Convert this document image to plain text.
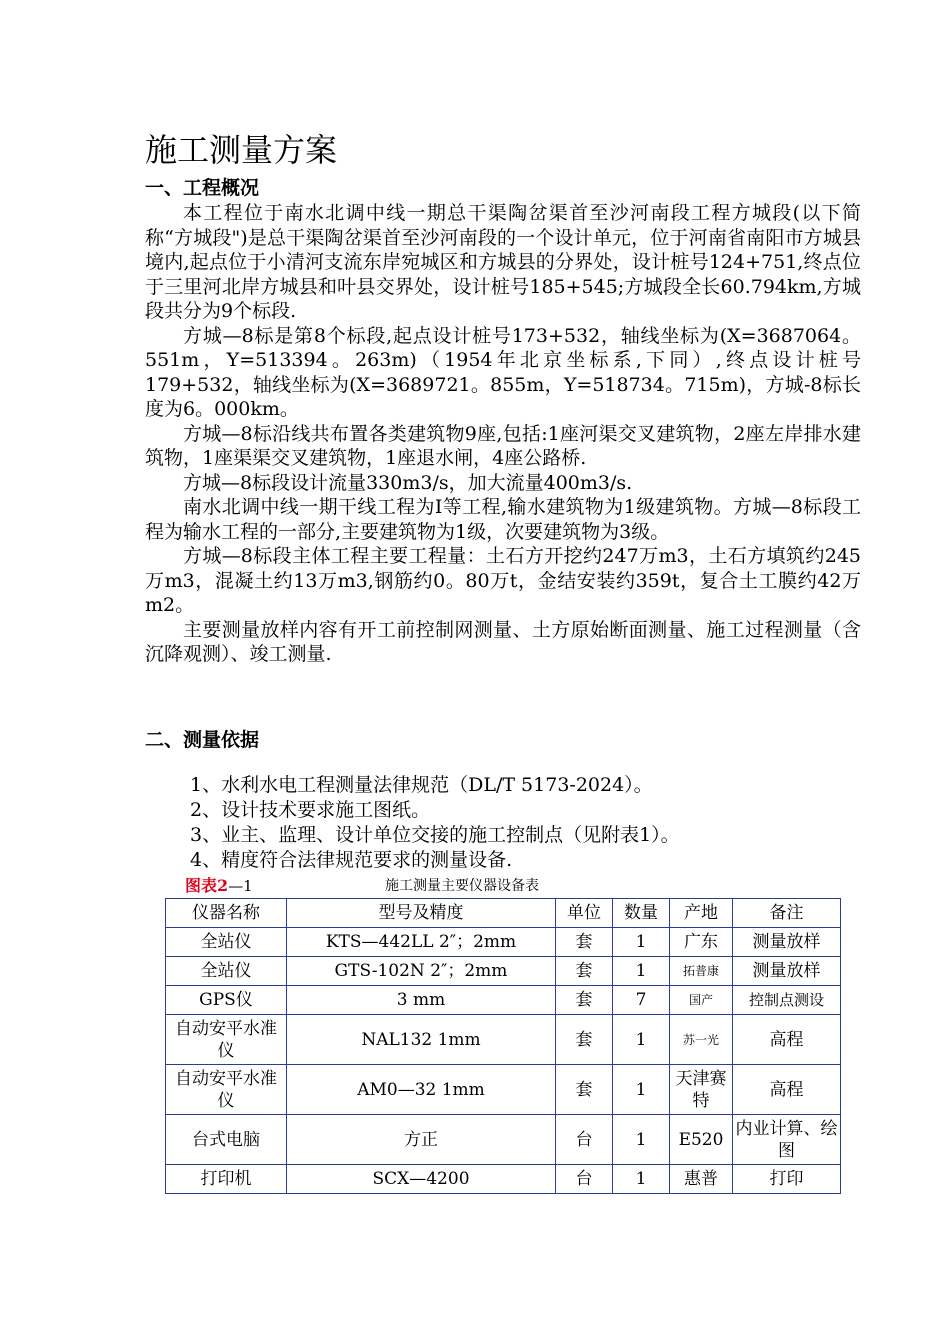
施工测量方案
一、工程概况

本工程位于南水北调中线一期总干渠陶岔渠首至沙河南段工程方城段(以下简称“方城段")是总干渠陶岔渠首至沙河南段的一个设计单元，位于河南省南阳市方城县境内,起点位于小清河支流东岸宛城区和方城县的分界处，设计桩号124+751,终点位于三里河北岸方城县和叶县交界处，设计桩号185+545;方城段全长60.794km,方城段共分为9个标段.

方城—8标是第8个标段,起点设计桩号173+532，轴线坐标为(X=3687064。551m，Y=513394。263m)（1954年北京坐标系,下同）,终点设计桩号179+532，轴线坐标为(X=3689721。855m，Y=518734。715m)，方城-8标长度为6。000km。

方城—8标沿线共布置各类建筑物9座,包括:1座河渠交叉建筑物，2座左岸排水建筑物，1座渠渠交叉建筑物，1座退水闸，4座公路桥.

方城—8标段设计流量330m3/s，加大流量400m3/s.

南水北调中线一期干线工程为Ⅰ等工程,输水建筑物为1级建筑物。方城—8标段工程为输水工程的一部分,主要建筑物为1级，次要建筑物为3级。

方城—8标段主体工程主要工程量：土石方开挖约247万m3，土石方填筑约245万m3，混凝土约13万m3,钢筋约0。80万t，金结安装约359t，复合土工膜约42万m2。

主要测量放样内容有开工前控制网测量、土方原始断面测量、施工过程测量（含沉降观测）、竣工测量.

二、测量依据
1、水利水电工程测量法律规范（DL/T 5173-2024）。
2、设计技术要求施工图纸。
3、业主、监理、设计单位交接的施工控制点（见附表1）。
4、精度符合法律规范要求的测量设备.
图表2—1	施工测量主要仪器设备表
仪器名称	型号及精度	单位	数量	产地	备注
全站仪	KTS—442LL 2″；2mm	套	1	广东	测量放样
全站仪	GTS-102N 2″；2mm	套	1	拓普康	测量放样
GPS仪	3 mm	套	7	国产	控制点测设
自动安平水准仪	NAL132 1mm	套	1	苏一光	高程
自动安平水准仪	AM0—32 1mm	套	1	天津赛特	高程
台式电脑	方正	台	1	E520	内业计算、绘图
打印机	SCX—4200	台	1	惠普	打印
